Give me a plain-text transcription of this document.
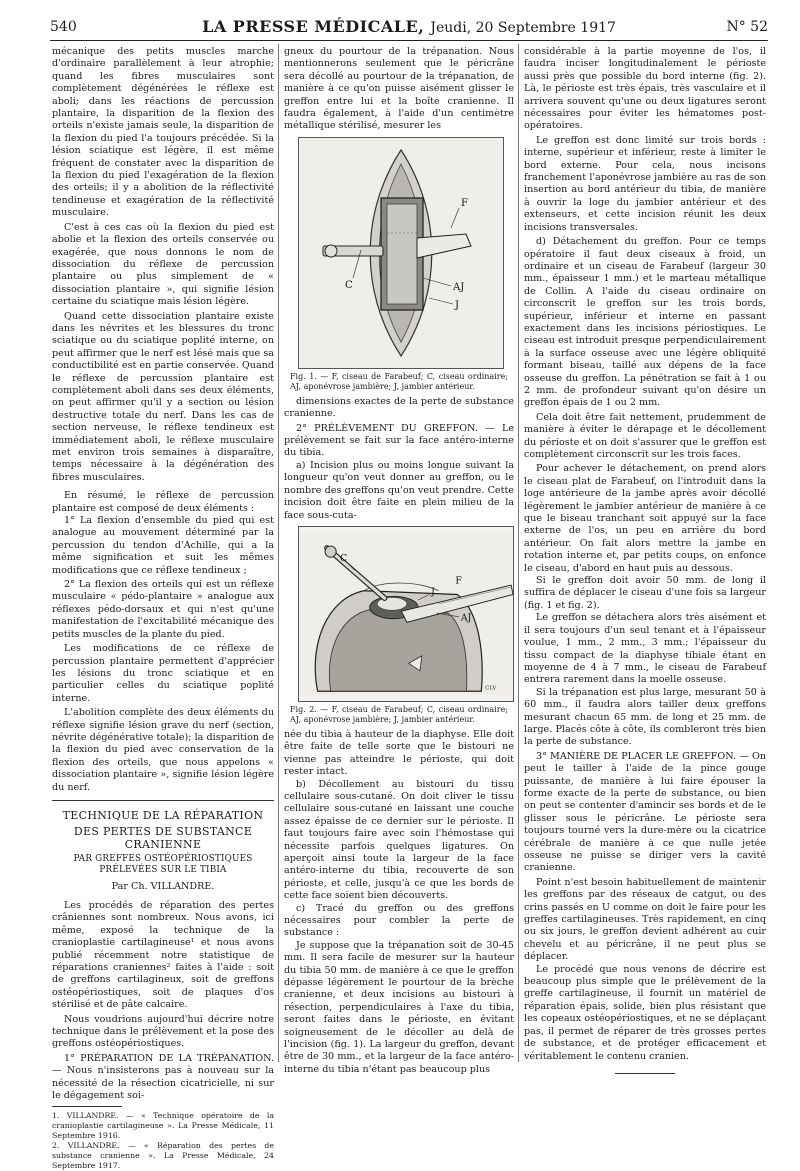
540	LA PRESSE MÉDICALE, Jeudi, 20 Septembre 1917	N° 52

mécanique des petits muscles marche d'ordinaire parallèlement à leur atrophie; quand les fibres musculaires sont complètement dégénérées le réflexe est aboli; dans les réactions de percussion plantaire, la disparition de la flexion des orteils n'existe jamais seule, la disparition de la flexion du pied l'a toujours précédée. Si la lésion sciatique est légère, il est même fréquent de constater avec la disparition de la flexion du pied l'exagération de la flexion des orteils; il y a abolition de la réflectivité tendineuse et exagération de la réflectivité musculaire.

C'est à ces cas où la flexion du pied est abolie et la flexion des orteils conservée ou exagérée, que nous donnons le nom de dissociation du réflexe de percussion plantaire ou plus simplement de « dissociation plantaire », qui signifie lésion certaine du sciatique mais lésion légère.

Quand cette dissociation plantaire existe dans les névrites et les blessures du tronc sciatique ou du sciatique poplité interne, on peut affirmer que le nerf est lésé mais que sa conductibilité est en partie conservée. Quand le réflexe de percussion plantaire est complètement aboli dans ses deux éléments, on peut affirmer qu'il y a section ou lésion destructive totale du nerf. Dans les cas de section nerveuse, le réflexe tendineux est immédiatement aboli, le réflexe musculaire met environ trois semaines à disparaître, temps nécessaire à la dégénération des fibres musculaires.

En résumé, le réflexe de percussion plantaire est composé de deux éléments :

1° La flexion d'ensemble du pied qui est analogue au mouvement déterminé par la percussion du tendon d'Achille, qui a la même signification et suit les mêmes modifications que ce réflexe tendineux ;

2° La flexion des orteils qui est un réflexe musculaire « pédo-plantaire » analogue aux réflexes pédo-dorsaux et qui n'est qu'une manifestation de l'excitabilité mécanique des petits muscles de la plante du pied.

Les modifications de ce réflexe de percussion plantaire permettent d'apprécier les lésions du tronc sciatique et en particulier celles du sciatique poplité interne.

L'abolition complète des deux éléments du réflexe signifie lésion grave du nerf (section, névrite dégénérative totale); la disparition de la flexion du pied avec conservation de la flexion des orteils, que nous appelons « dissociation plantaire », signifie lésion légère du nerf.

TECHNIQUE DE LA RÉPARATION
DES PERTES DE SUBSTANCE CRANIENNE
PAR GREFFES OSTÉOPÉRIOSTIQUES
PRÉLEVÉES SUR LE TIBIA
Par Ch. VILLANDRE.

Les procédés de réparation des pertes crâniennes sont nombreux. Nous avons, ici même, exposé la technique de la cranioplastie cartilagineuse¹ et nous avons publié récemment notre statistique de réparations craniennes² faites à l'aide : soit de greffons cartilagineux, soit de greffons ostéopériostiques, soit de plaques d'os stérilisé et de pâte calcaire.

Nous voudrions aujourd'hui décrire notre technique dans le prélèvement et la pose des greffons ostéopériostiques.

1° PRÉPARATION DE LA TRÉPANATION. — Nous n'insisterons pas à nouveau sur la nécessité de la résection cicatricielle, ni sur le dégagement soi-

1. VILLANDRE. — « Technique opératoire de la cranioplastie cartilagineuse ». La Presse Médicale, 11 Septembre 1916.
2. VILLANDRE. — « Réparation des pertes de substance cranienne ». La Presse Médicale, 24 Septembre 1917.

gneux du pourtour de la trépanation. Nous mentionnerons seulement que le péricrâne sera décollé au pourtour de la trépanation, de manière à ce qu'on puisse aisément glisser le greffon entre lui et la boîte cranienne. Il faudra également, à l'aide d'un centimètre métallique stérilisé, mesurer les

F
C	AJ
J
Fig. 1. — F, ciseau de Farabeuf; C, ciseau ordinaire; AJ, aponévrose jambière; J, jambier antérieur.

dimensions exactes de la perte de substance cranienne.

2° PRÉLÈVEMENT DU GREFFON. — Le prélèvement se fait sur la face antéro-interne du tibia.

a) Incision plus ou moins longue suivant la longueur qu'on veut donner au greffon, ou le nombre des greffons qu'on veut prendre. Cette incision doit être faite en plein milieu de la face sous-cuta-

F
C
AJ
J
CLV
Fig. 2. — F, ciseau de Farabeuf; C, ciseau ordinaire; AJ, aponévrose jambière; J, jambier antérieur.

née du tibia à hauteur de la diaphyse. Elle doit être faite de telle sorte que le bistouri ne vienne pas atteindre le périoste, qui doit rester intact.

b) Décollement au bistouri du tissu cellulaire sous-cutané. On doit cliver le tissu cellulaire sous-cutané en laissant une couche assez épaisse de ce dernier sur le périoste. Il faut toujours faire avec soin l'hémostase qui nécessite parfois quelques ligatures. On aperçoit ainsi toute la largeur de la face antéro-interne du tibia, recouverte de son périoste, et celle, jusqu'à ce que les bords de cette face soient bien découverts.

c) Tracé du greffon ou des greffons nécessaires pour combler la perte de substance :

Je suppose que la trépanation soit de 30-45 mm. Il sera facile de mesurer sur la hauteur du tibia 50 mm. de manière à ce que le greffon dépasse légèrement le pourtour de la brèche cranienne, et deux incisions au bistouri à résection, perpendiculaires à l'axe du tibia, seront faites dans le périoste, en évitant soigneusement de le décoller au delà de l'incision (fig. 1). La largeur du greffon, devant être de 30 mm., et la largeur de la face antéro-interne du tibia n'étant pas beaucoup plus

considérable à la partie moyenne de l'os, il faudra inciser longitudinalement le périoste aussi près que possible du bord interne (fig. 2). Là, le périoste est très épais, très vasculaire et il arrivera souvent qu'une ou deux ligatures seront nécessaires pour éviter les hématomes post-opératoires.

Le greffon est donc limité sur trois bords : interne, supérieur et inférieur, reste à limiter le bord externe. Pour cela, nous incisons franchement l'aponévrose jambière au ras de son insertion au bord antérieur du tibia, de manière à ouvrir la loge du jambier antérieur et des extenseurs, et cette incision réunit les deux incisions transversales.

d) Détachement du greffon. Pour ce temps opératoire il faut deux ciseaux à froid, un ordinaire et un ciseau de Farabeuf (largeur 30 mm., épaisseur 1 mm.) et le marteau métallique de Collin. A l'aide du ciseau ordinaire on circonscrit le greffon sur les trois bords, supérieur, inférieur et interne en passant exactement dans les incisions périostiques. Le ciseau est introduit presque perpendiculairement à la surface osseuse avec une légère obliquité formant biseau, taillé aux dépens de la face osseuse du greffon. La pénétration se fait à 1 ou 2 mm. de profondeur suivant qu'on désire un greffon épais de 1 ou 2 mm.

Cela doit être fait nettement, prudemment de manière à éviter le dérapage et le décollement du périoste et on doit s'assurer que le greffon est complètement circonscrit sur les trois faces.

Pour achever le détachement, on prend alors le ciseau plat de Farabeuf, on l'introduit dans la loge antérieure de la jambe après avoir décollé légèrement le jambier antérieur de manière à ce que le biseau tranchant soit appuyé sur la face externe de l'os, un peu en arrière du bord antérieur. On fait alors mettre la jambe en rotation interne et, par petits coups, on enfonce le ciseau, d'abord en haut puis au dessous.

Si le greffon doit avoir 50 mm. de long il suffira de déplacer le ciseau d'une fois sa largeur (fig. 1 et fig. 2).

Le greffon se détachera alors très aisément et il sera toujours d'un seul tenant et à l'épaisseur voulue, 1 mm., 2 mm., 3 mm.; l'épaisseur du tissu compact de la diaphyse tibiale étant en moyenne de 4 à 7 mm., le ciseau de Farabeuf entrera rarement dans la moelle osseuse.

Si la trépanation est plus large, mesurant 50 à 60 mm., il faudra alors tailler deux greffons mesurant chacun 65 mm. de long et 25 mm. de large. Placés côte à côte, ils combleront très bien la perte de substance.

3° MANIÈRE DE PLACER LE GREFFON. — On peut le tailler à l'aide de la pince gouge puissante, de manière à lui faire épouser la forme exacte de la perte de substance, ou bien on peut se contenter d'amincir ses bords et de le glisser sous le péricrâne. Le périoste sera toujours tourné vers la dure-mère ou la cicatrice cérébrale de manière à ce que nulle jetée osseuse ne puisse se diriger vers la cavité cranienne.

Point n'est besoin habituellement de maintenir les greffons par des réseaux de catgut, ou des crins passés en U comme on doit le faire pour les greffes cartilagineuses. Très rapidement, en cinq ou six jours, le greffon devient adhérent au cuir chevelu et au péricrâne, il ne peut plus se déplacer.

Le procédé que nous venons de décrire est beaucoup plus simple que le prélèvement de la greffe cartilagineuse, il fournit un matériel de réparation épais, solide, bien plus résistant que les copeaux ostéopériostiques, et ne se déplaçant pas, il permet de réparer de très grosses pertes de substance, et de protéger efficacement et véritablement le contenu cranien.
